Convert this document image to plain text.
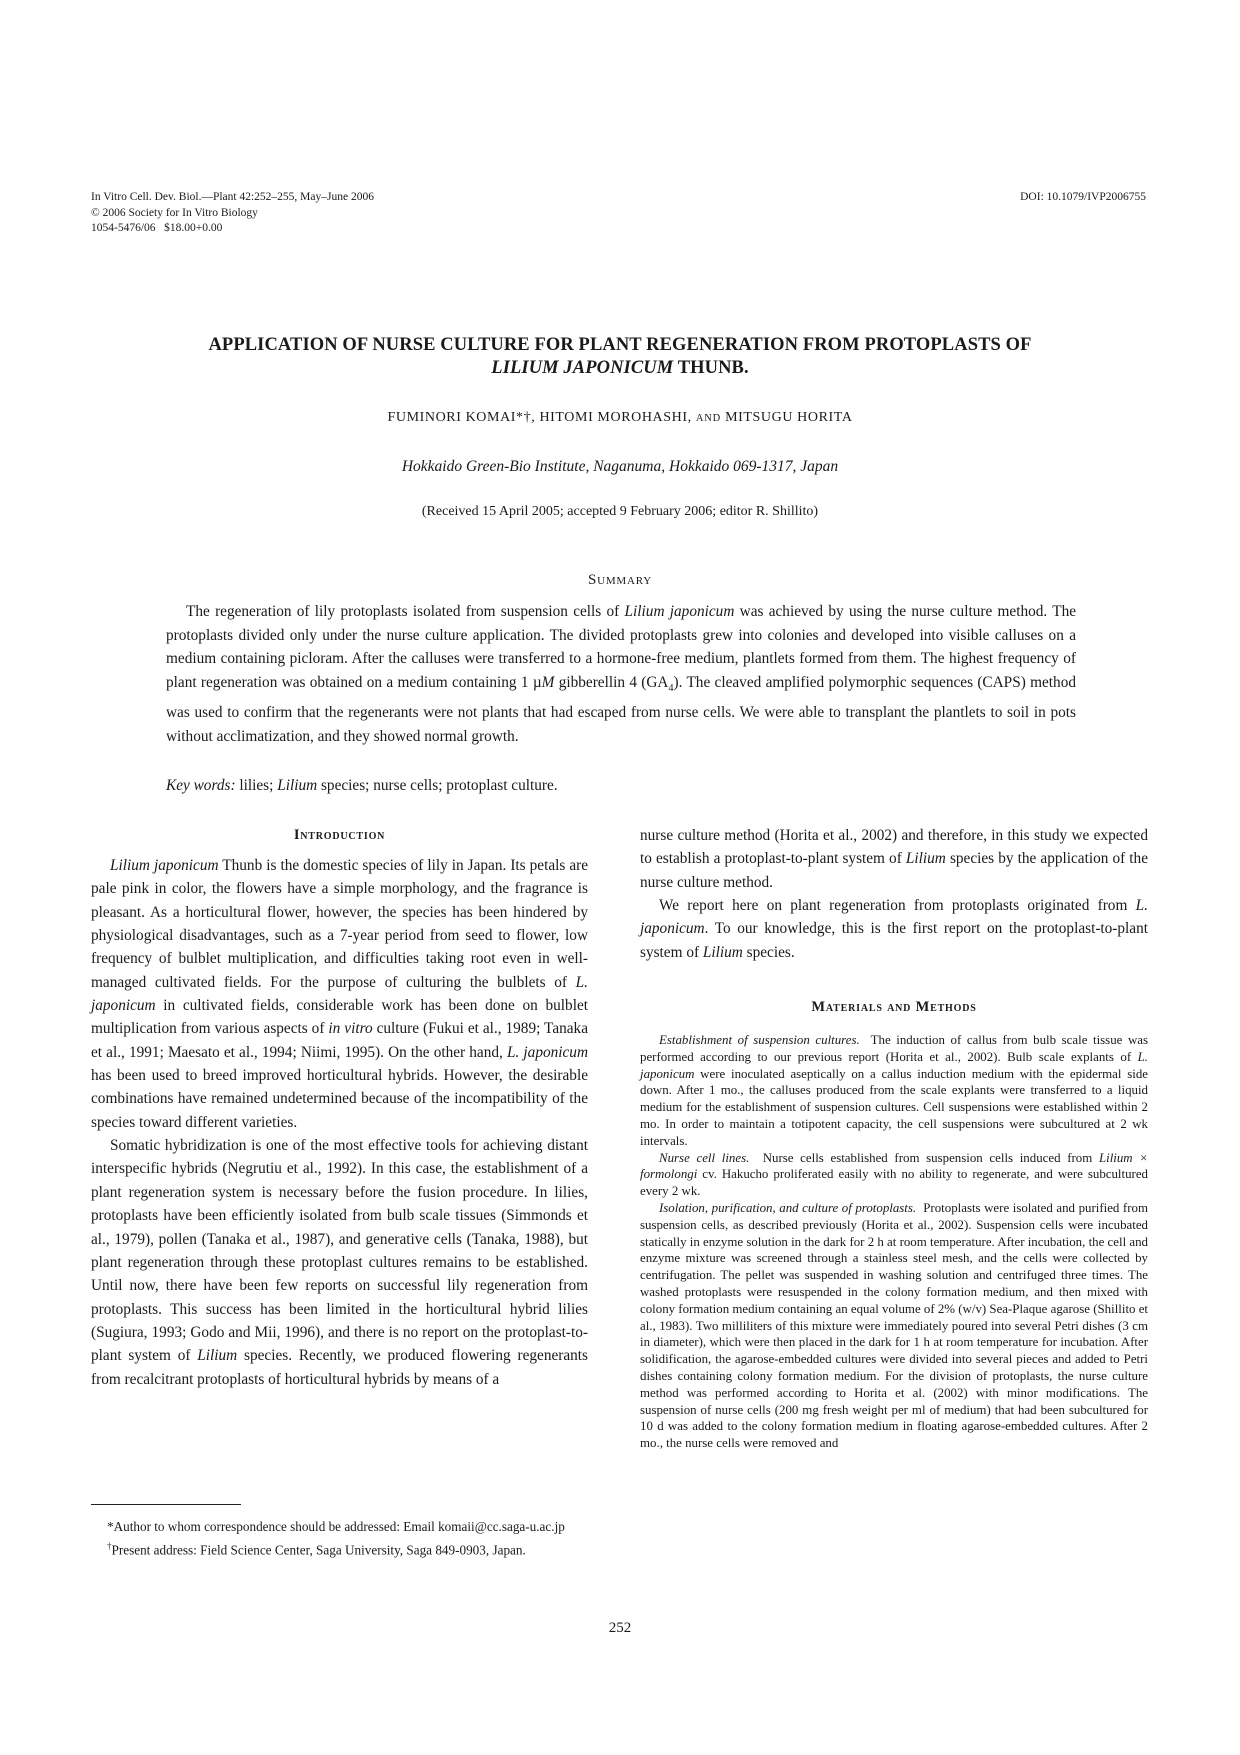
In Vitro Cell. Dev. Biol.—Plant 42:252–255, May–June 2006
© 2006 Society for In Vitro Biology
1054-5476/06   $18.00+0.00
DOI: 10.1079/IVP2006755
APPLICATION OF NURSE CULTURE FOR PLANT REGENERATION FROM PROTOPLASTS OF
LILIUM JAPONICUM THUNB.
FUMINORI KOMAI*†, HITOMI MOROHASHI, AND MITSUGU HORITA
Hokkaido Green-Bio Institute, Naganuma, Hokkaido 069-1317, Japan
(Received 15 April 2005; accepted 9 February 2006; editor R. Shillito)
Summary

The regeneration of lily protoplasts isolated from suspension cells of Lilium japonicum was achieved by using the nurse culture method. The protoplasts divided only under the nurse culture application. The divided protoplasts grew into colonies and developed into visible calluses on a medium containing picloram. After the calluses were transferred to a hormone-free medium, plantlets formed from them. The highest frequency of plant regeneration was obtained on a medium containing 1 µM gibberellin 4 $(GA_4)$. The cleaved amplified polymorphic sequences (CAPS) method was used to confirm that the regenerants were not plants that had escaped from nurse cells. We were able to transplant the plantlets to soil in pots without acclimatization, and they showed normal growth.

Key words: lilies; Lilium species; nurse cells; protoplast culture.
Introduction

Lilium japonicum Thunb is the domestic species of lily in Japan. Its petals are pale pink in color, the flowers have a simple morphology, and the fragrance is pleasant. As a horticultural flower, however, the species has been hindered by physiological disadvantages, such as a 7-year period from seed to flower, low frequency of bulblet multiplication, and difficulties taking root even in well-managed cultivated fields. For the purpose of culturing the bulblets of L. japonicum in cultivated fields, considerable work has been done on bulblet multiplication from various aspects of in vitro culture (Fukui et al., 1989; Tanaka et al., 1991; Maesato et al., 1994; Niimi, 1995). On the other hand, L. japonicum has been used to breed improved horticultural hybrids. However, the desirable combinations have remained undetermined because of the incompatibility of the species toward different varieties.

Somatic hybridization is one of the most effective tools for achieving distant interspecific hybrids (Negrutiu et al., 1992). In this case, the establishment of a plant regeneration system is necessary before the fusion procedure. In lilies, protoplasts have been efficiently isolated from bulb scale tissues (Simmonds et al., 1979), pollen (Tanaka et al., 1987), and generative cells (Tanaka, 1988), but plant regeneration through these protoplast cultures remains to be established. Until now, there have been few reports on successful lily regeneration from protoplasts. This success has been limited in the horticultural hybrid lilies (Sugiura, 1993; Godo and Mii, 1996), and there is no report on the protoplast-to-plant system of Lilium species. Recently, we produced flowering regenerants from recalcitrant protoplasts of horticultural hybrids by means of a

nurse culture method (Horita et al., 2002) and therefore, in this study we expected to establish a protoplast-to-plant system of Lilium species by the application of the nurse culture method.

We report here on plant regeneration from protoplasts originated from L. japonicum. To our knowledge, this is the first report on the protoplast-to-plant system of Lilium species.

Materials and Methods

Establishment of suspension cultures.  The induction of callus from bulb scale tissue was performed according to our previous report (Horita et al., 2002). Bulb scale explants of L. japonicum were inoculated aseptically on a callus induction medium with the epidermal side down. After 1 mo., the calluses produced from the scale explants were transferred to a liquid medium for the establishment of suspension cultures. Cell suspensions were established within 2 mo. In order to maintain a totipotent capacity, the cell suspensions were subcultured at 2 wk intervals.

Nurse cell lines.  Nurse cells established from suspension cells induced from Lilium × formolongi cv. Hakucho proliferated easily with no ability to regenerate, and were subcultured every 2 wk.

Isolation, purification, and culture of protoplasts.  Protoplasts were isolated and purified from suspension cells, as described previously (Horita et al., 2002). Suspension cells were incubated statically in enzyme solution in the dark for 2 h at room temperature. After incubation, the cell and enzyme mixture was screened through a stainless steel mesh, and the cells were collected by centrifugation. The pellet was suspended in washing solution and centrifuged three times. The washed protoplasts were resuspended in the colony formation medium, and then mixed with colony formation medium containing an equal volume of 2% (w/v) Sea-Plaque agarose (Shillito et al., 1983). Two milliliters of this mixture were immediately poured into several Petri dishes (3 cm in diameter), which were then placed in the dark for 1 h at room temperature for incubation. After solidification, the agarose-embedded cultures were divided into several pieces and added to Petri dishes containing colony formation medium. For the division of protoplasts, the nurse culture method was performed according to Horita et al. (2002) with minor modifications. The suspension of nurse cells (200 mg fresh weight per ml of medium) that had been subcultured for 10 d was added to the colony formation medium in floating agarose-embedded cultures. After 2 mo., the nurse cells were removed and

*Author to whom correspondence should be addressed: Email komaii@cc.saga-u.ac.jp

†Present address: Field Science Center, Saga University, Saga 849-0903, Japan.

252
